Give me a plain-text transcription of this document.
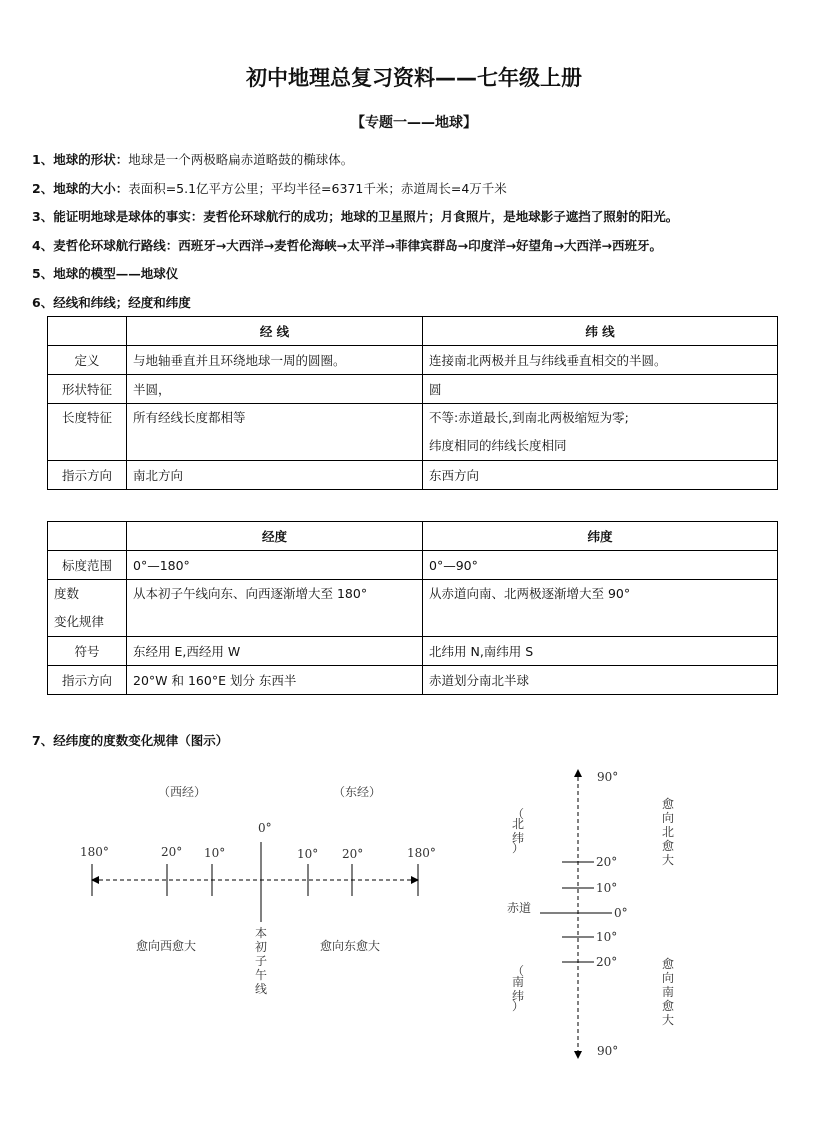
初中地理总复习资料——七年级上册
【专题一——地球】
1、地球的形状：地球是一个两极略扁赤道略鼓的椭球体。
2、地球的大小：表面积=5.1亿平方公里；平均半径=6371千米；赤道周长=4万千米
3、能证明地球是球体的事实：麦哲伦环球航行的成功；地球的卫星照片；月食照片，是地球影子遮挡了照射的阳光。
4、麦哲伦环球航行路线：西班牙→大西洋→麦哲伦海峡→太平洋→菲律宾群岛→印度洋→好望角→大西洋→西班牙。
5、地球的模型——地球仪
6、经线和纬线；经度和纬度
	经 线	纬 线
定义	与地轴垂直并且环绕地球一周的圆圈。	连接南北两极并且与纬线垂直相交的半圆。
形状特征	半圆，	圆
长度特征	所有经线长度都相等	不等:赤道最长,到南北两极缩短为零;
纬度相同的纬线长度相同

指示方向	南北方向	东西方向
	经度	纬度
标度范围	0°—180°	0°—90°

度数
变化规律	从本初子午线向东、向西逐渐增大至 180°	从赤道向南、北两极逐渐增大至 90°
符号	东经用 E,西经用 W	北纬用 N,南纬用 S
指示方向	20°W 和 160°E 划分 东西半	赤道划分南北半球
7、经纬度的度数变化规律（图示）
（西经）	（东经）
180°	20° 10°
0°
10° 20°	180°
愈向西愈大	愈向东愈大
本
初
子
午
线
90°
90°
20°
10°
0°
10°
20°
赤道
（
北
纬
）
（
南
纬
）
愈
向
北
愈
大
愈
向
南
愈
大
